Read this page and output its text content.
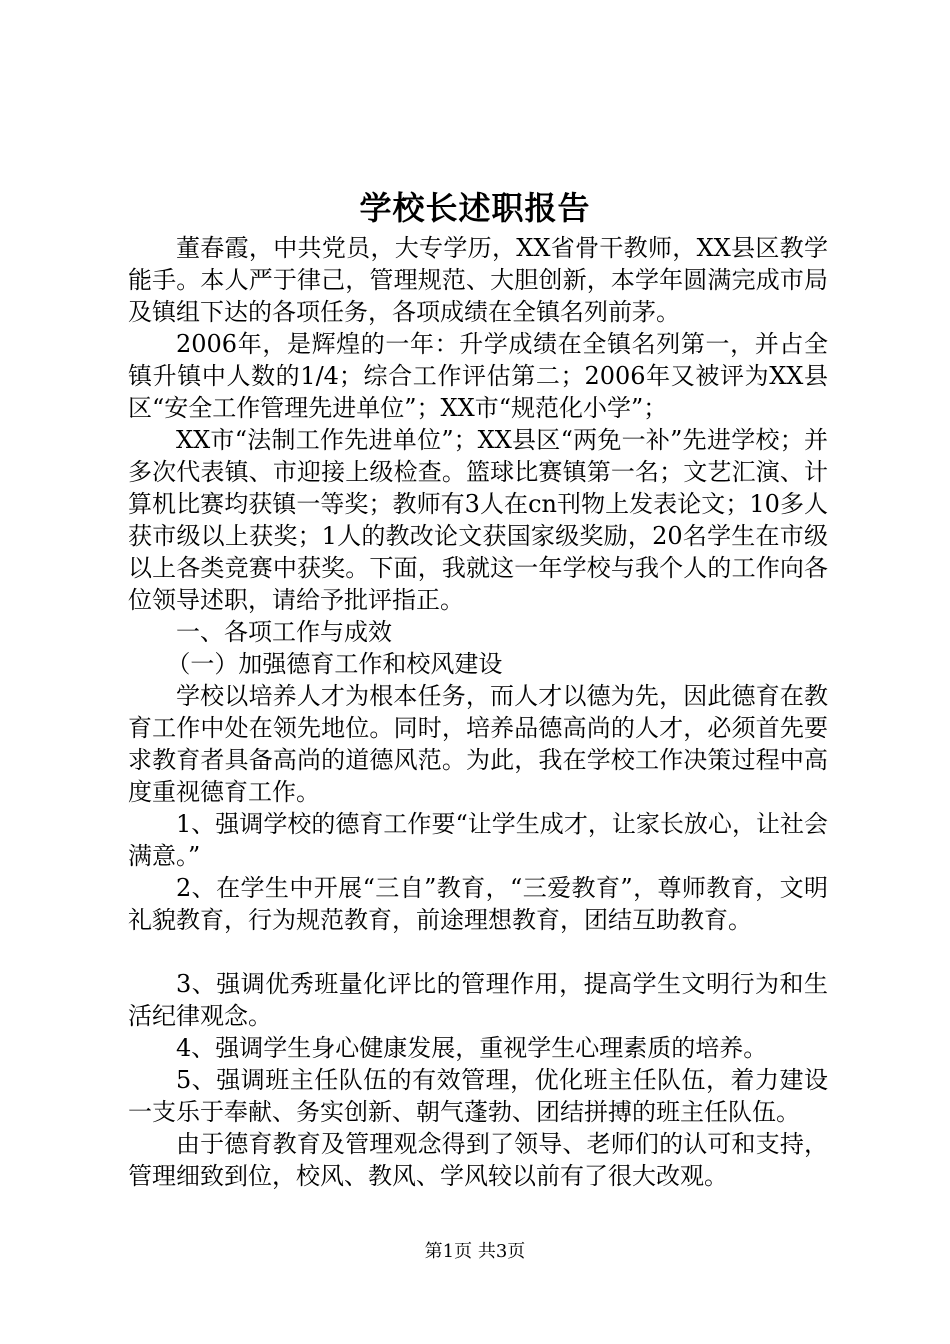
学校长述职报告

董春霞，中共党员，大专学历，XX省骨干教师，XX县区教学能手。本人严于律己，管理规范、大胆创新，本学年圆满完成市局及镇组下达的各项任务，各项成绩在全镇名列前茅。

2006年，是辉煌的一年：升学成绩在全镇名列第一，并占全镇升镇中人数的1/4；综合工作评估第二；2006年又被评为XX县区“安全工作管理先进单位”；XX市“规范化小学”；

XX市“法制工作先进单位”；XX县区“两免一补”先进学校；并多次代表镇、市迎接上级检查。篮球比赛镇第一名；文艺汇演、计算机比赛均获镇一等奖；教师有3人在cn刊物上发表论文；10多人获市级以上获奖；1人的教改论文获国家级奖励，20名学生在市级以上各类竞赛中获奖。下面，我就这一年学校与我个人的工作向各位领导述职，请给予批评指正。

一、各项工作与成效

（一）加强德育工作和校风建设

学校以培养人才为根本任务，而人才以德为先，因此德育在教育工作中处在领先地位。同时，培养品德高尚的人才，必须首先要求教育者具备高尚的道德风范。为此，我在学校工作决策过程中高度重视德育工作。

1、强调学校的德育工作要“让学生成才，让家长放心，让社会满意。”

2、在学生中开展“三自”教育，“三爱教育”，尊师教育，文明礼貌教育，行为规范教育，前途理想教育，团结互助教育。

3、强调优秀班量化评比的管理作用，提高学生文明行为和生活纪律观念。

4、强调学生身心健康发展，重视学生心理素质的培养。

5、强调班主任队伍的有效管理，优化班主任队伍，着力建设一支乐于奉献、务实创新、朝气蓬勃、团结拼搏的班主任队伍。

由于德育教育及管理观念得到了领导、老师们的认可和支持，管理细致到位，校风、教风、学风较以前有了很大改观。

第1页 共3页
